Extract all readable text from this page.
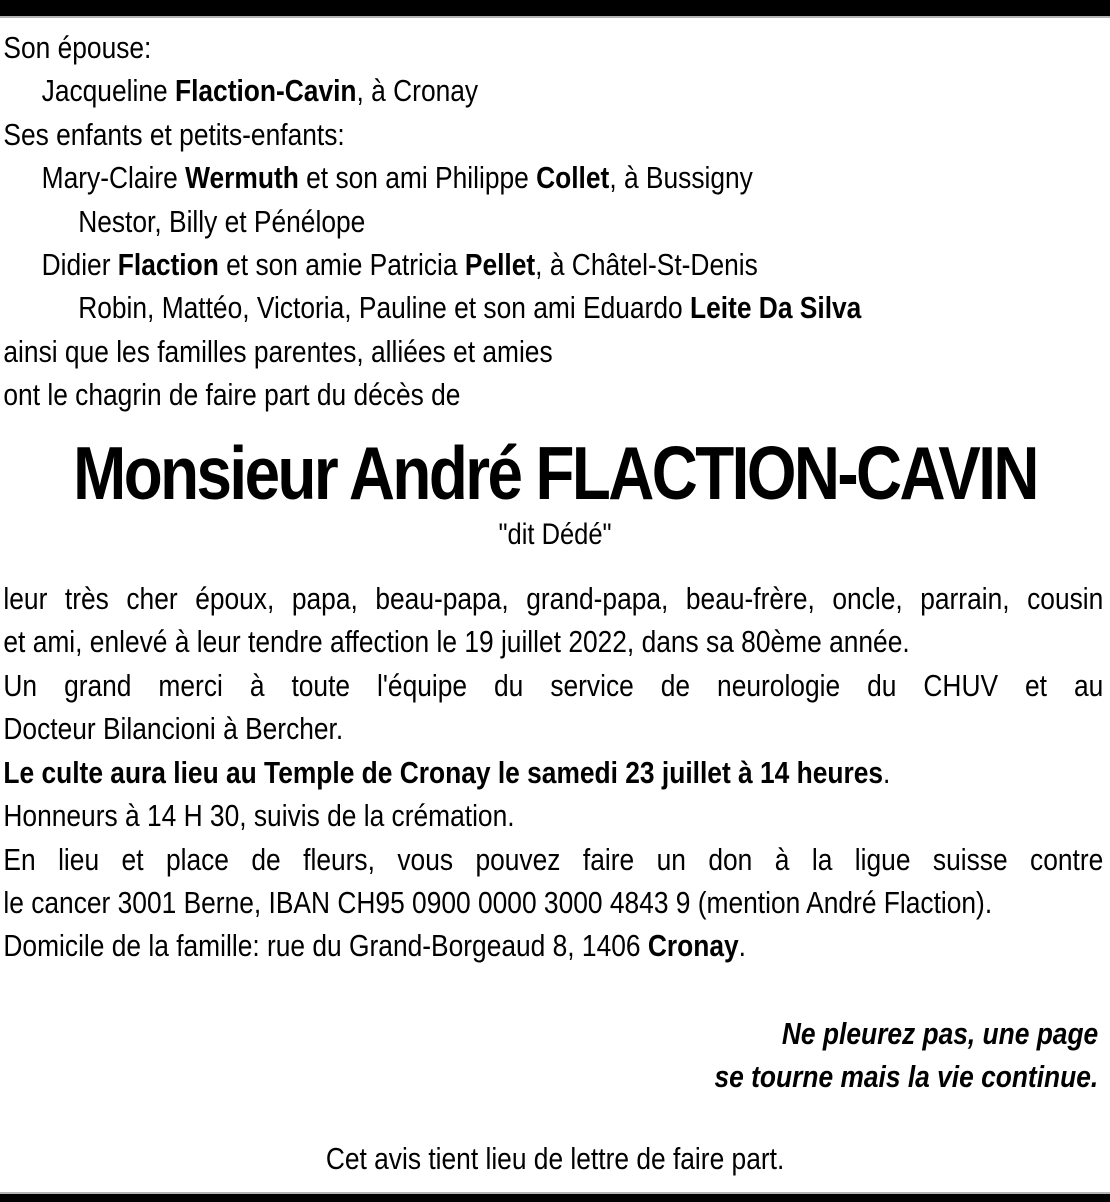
Son épouse:
Jacqueline Flaction-Cavin, à Cronay
Ses enfants et petits-enfants:
Mary-Claire Wermuth et son ami Philippe Collet, à Bussigny
Nestor, Billy et Pénélope
Didier Flaction et son amie Patricia Pellet, à Châtel-St-Denis
Robin, Mattéo, Victoria, Pauline et son ami Eduardo Leite Da Silva
ainsi que les familles parentes, alliées et amies
ont le chagrin de faire part du décès de
Monsieur André FLACTION-CAVIN
"dit Dédé"
leur très cher époux, papa, beau-papa, grand-papa, beau-frère, oncle, parrain, cousin
et ami, enlevé à leur tendre affection le 19 juillet 2022, dans sa 80ème année.
Un grand merci à toute l'équipe du service de neurologie du CHUV et au
Docteur Bilancioni à Bercher.
Le culte aura lieu au Temple de Cronay le samedi 23 juillet à 14 heures.
Honneurs à 14 H 30, suivis de la crémation.
En lieu et place de fleurs, vous pouvez faire un don à la ligue suisse contre
le cancer 3001 Berne, IBAN CH95 0900 0000 3000 4843 9 (mention André Flaction).
Domicile de la famille: rue du Grand-Borgeaud 8, 1406 Cronay.
Ne pleurez pas, une page
se tourne mais la vie continue.
Cet avis tient lieu de lettre de faire part.
